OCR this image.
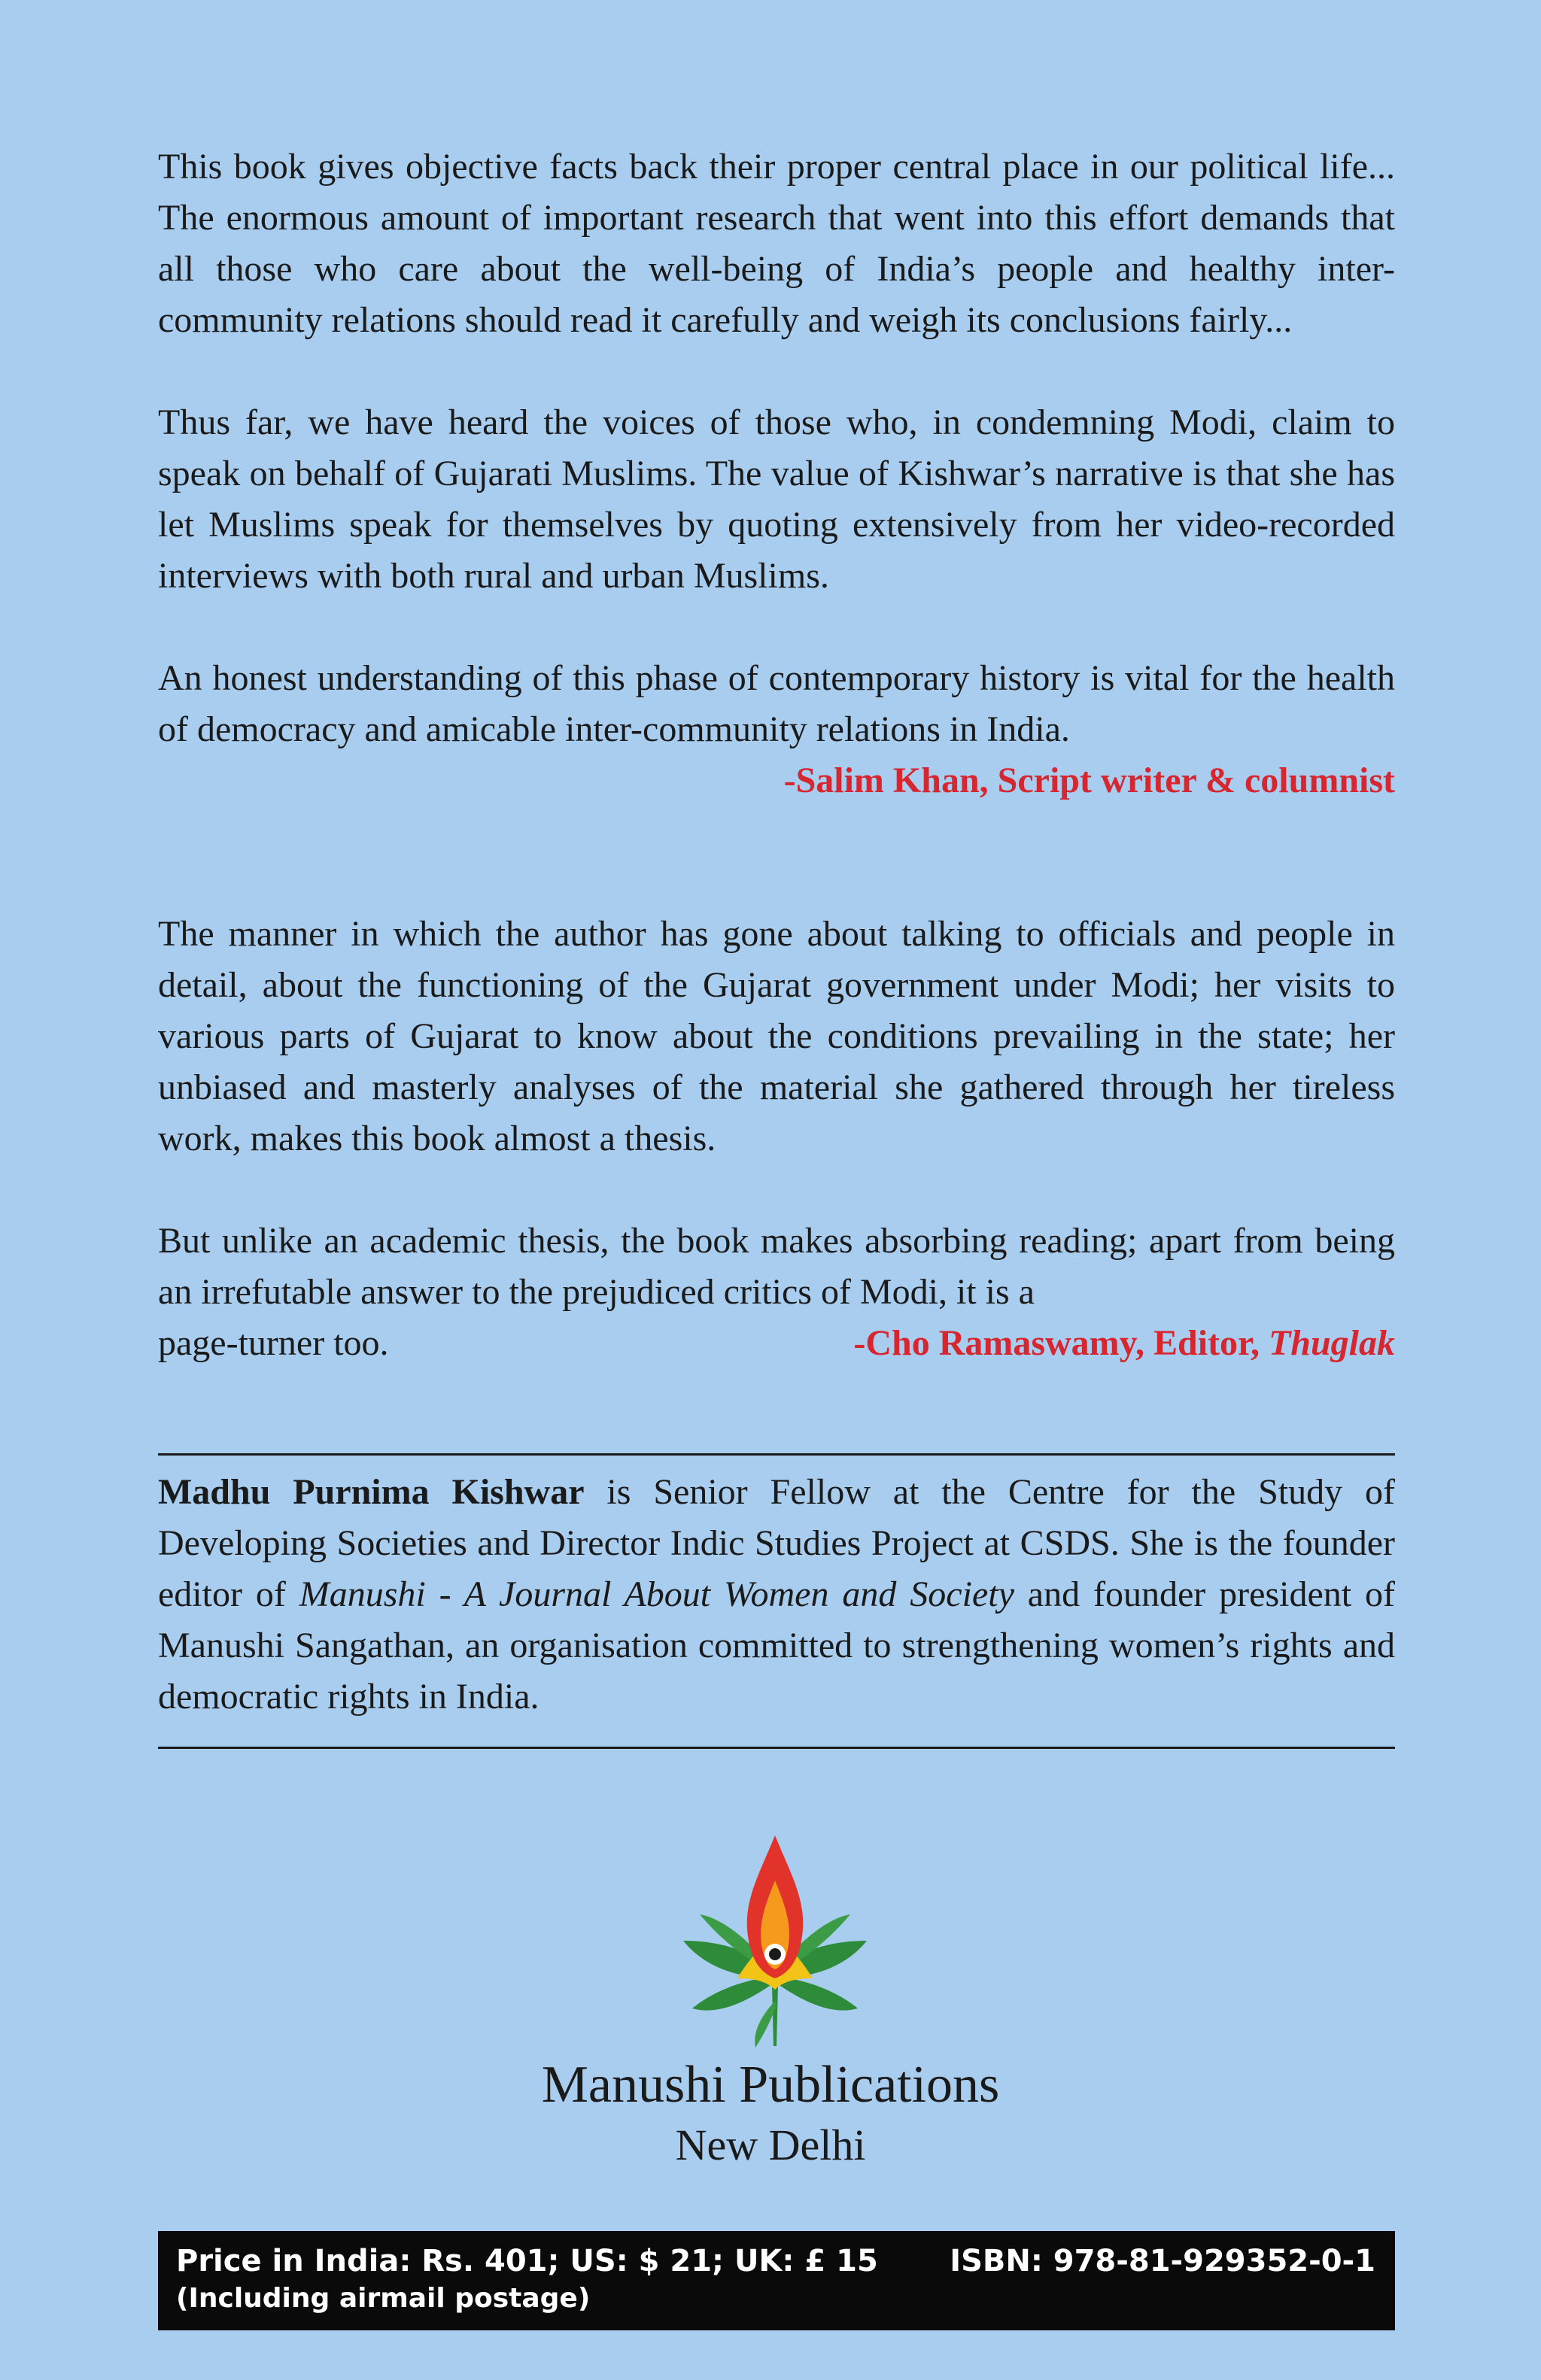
This book gives objective facts back their proper central place in our political life... The enormous amount of important research that went into this effort demands that all those who care about the well-being of India’s people and healthy inter-community relations should read it carefully and weigh its conclusions fairly...

Thus far, we have heard the voices of those who, in condemning Modi, claim to speak on behalf of Gujarati Muslims. The value of Kishwar’s narrative is that she has let Muslims speak for themselves by quoting extensively from her video-recorded interviews with both rural and urban Muslims.

An honest understanding of this phase of contemporary history is vital for the health of democracy and amicable inter-community relations in India.

-Salim Khan, Script writer & columnist

The manner in which the author has gone about talking to officials and people in detail, about the functioning of the Gujarat government under Modi; her visits to various parts of Gujarat to know about the conditions prevailing in the state; her unbiased and masterly analyses of the material she gathered through her tireless work, makes this book almost a thesis.

But unlike an academic thesis, the book makes absorbing reading; apart from being an irrefutable answer to the prejudiced critics of Modi, it is a

page-turner too.	-Cho Ramaswamy, Editor, Thuglak

Madhu Purnima Kishwar is Senior Fellow at the Centre for the Study of Developing Societies and Director Indic Studies Project at CSDS. She is the founder editor of Manushi - A Journal About Women and Society and founder president of Manushi Sangathan, an organisation committed to strengthening women’s rights and democratic rights in India.

Manushi Publications
New Delhi
Price in India: Rs. 401; US: $ 21; UK: £ 15 ISBN: 978-81-929352-0-1
(Including airmail postage)
